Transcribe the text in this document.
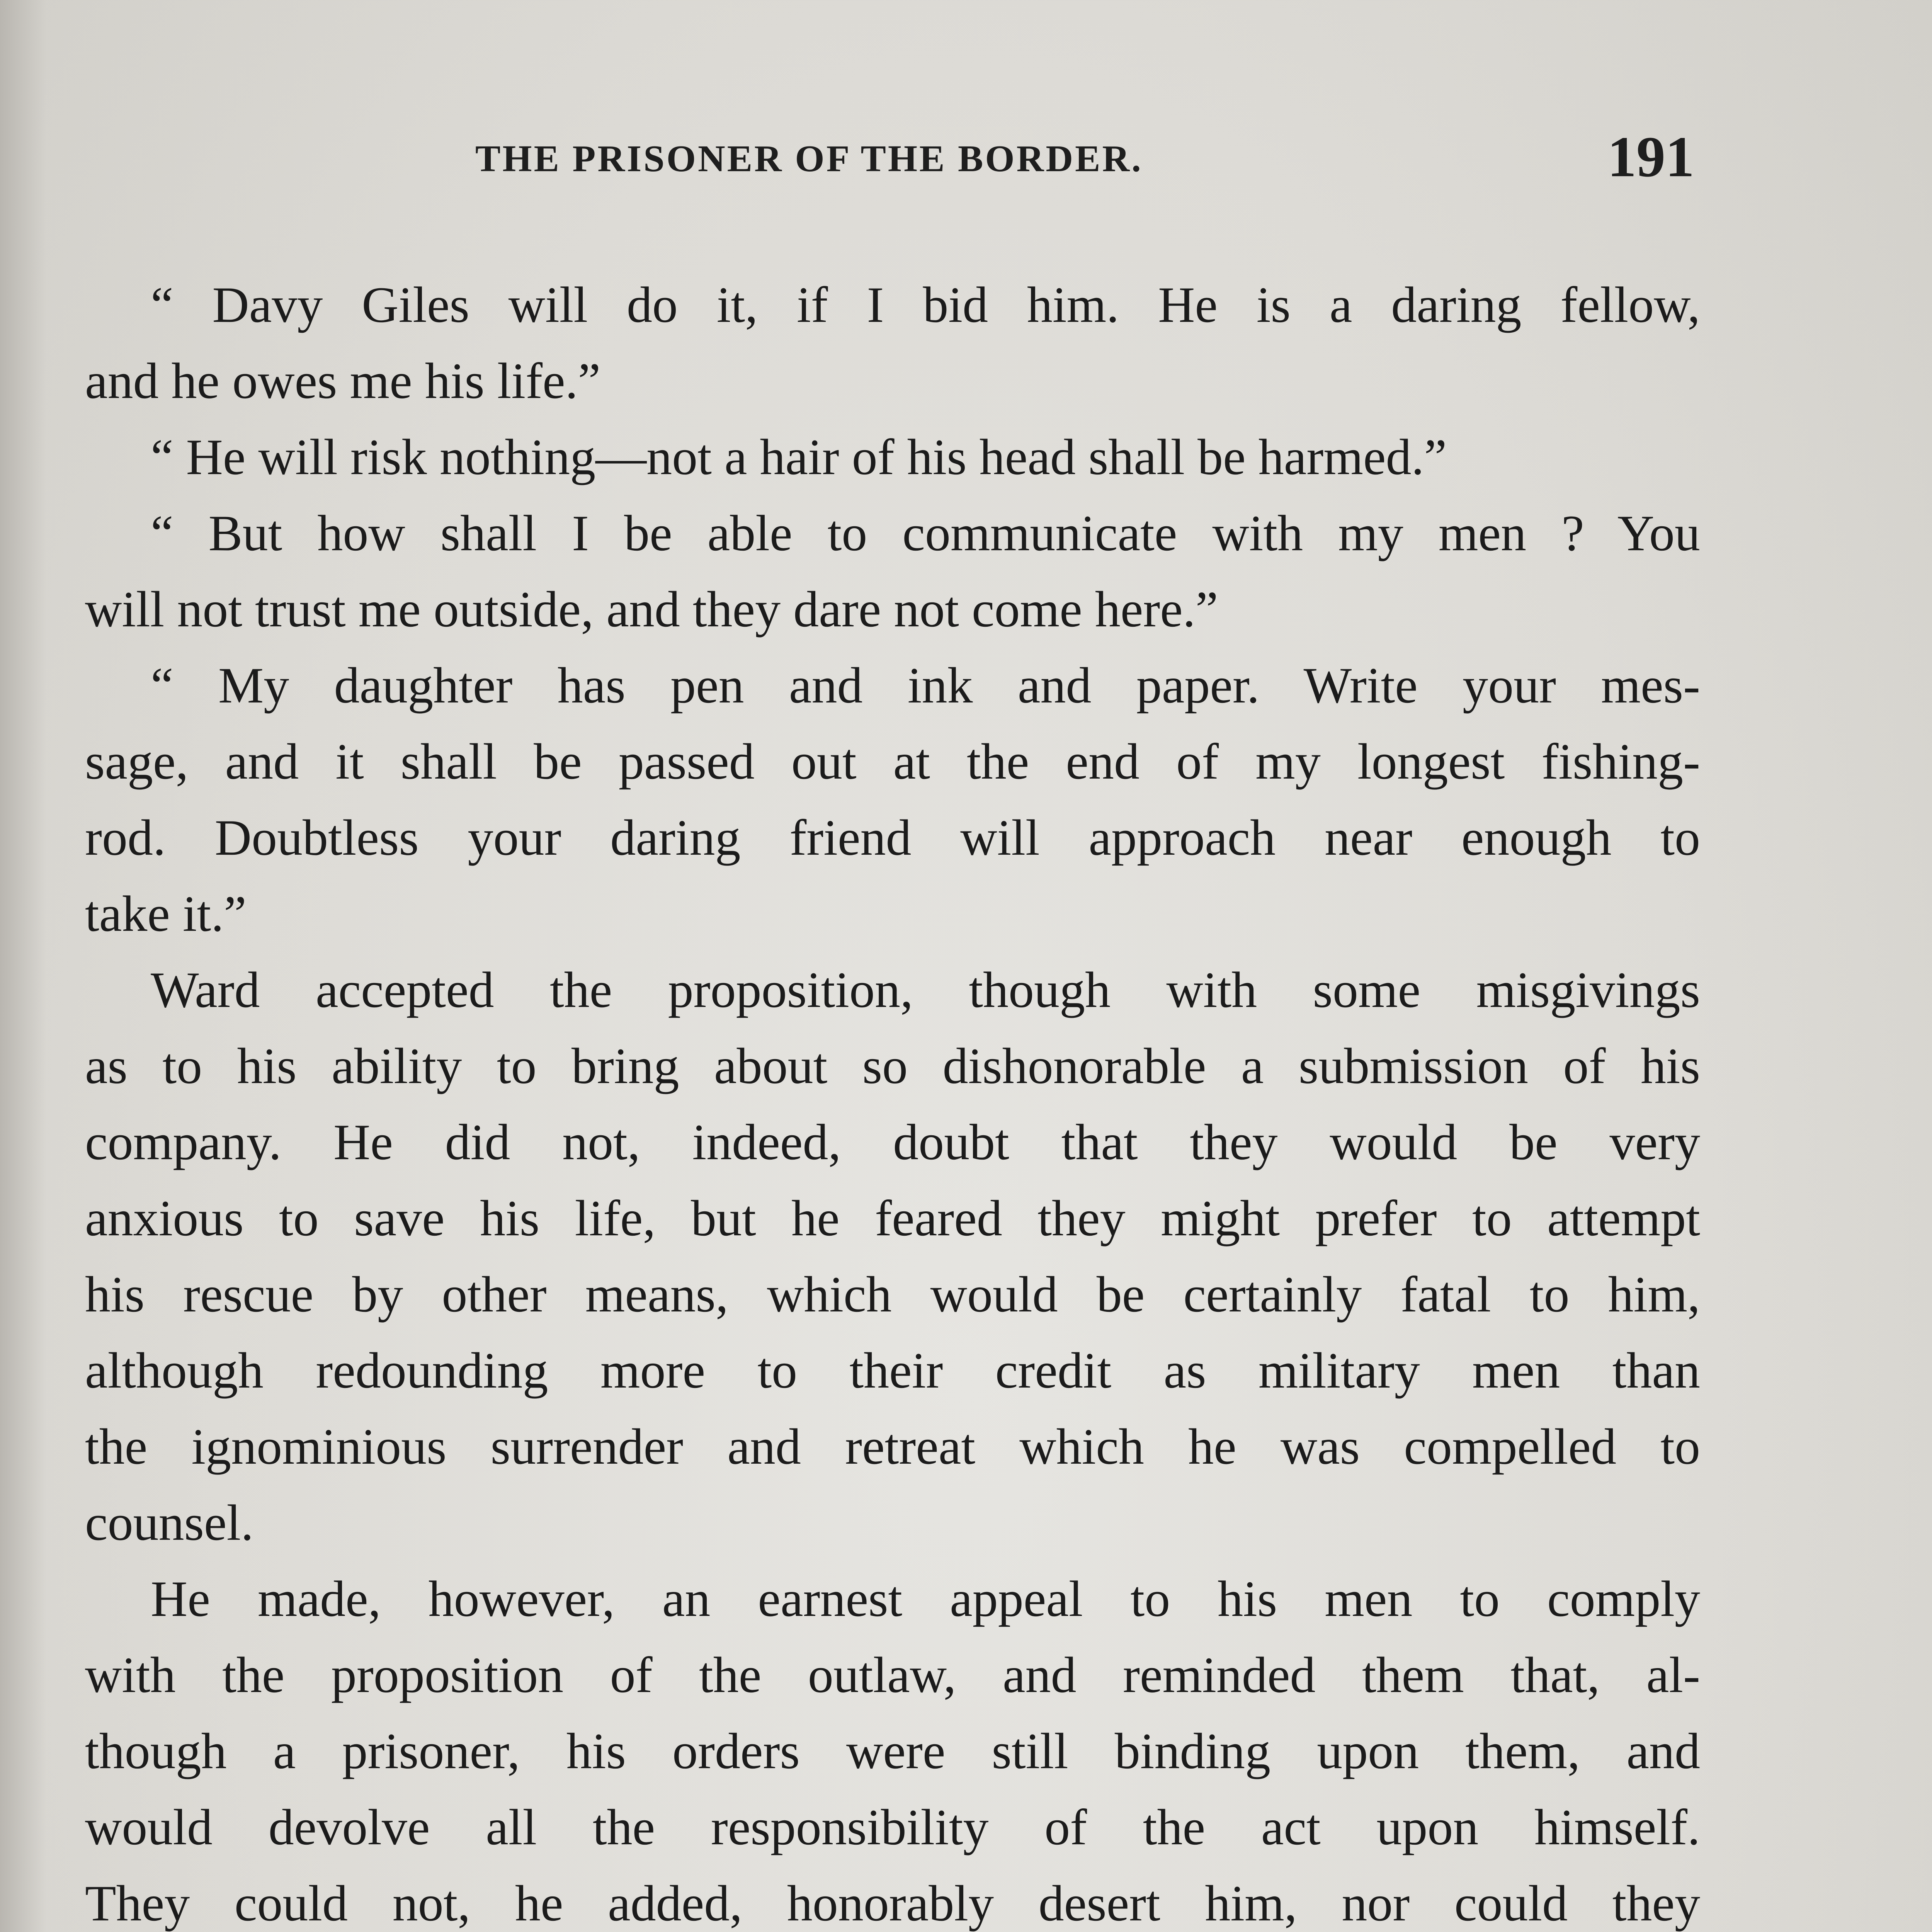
THE PRISONER OF THE BORDER.	191
“ Davy Giles will do it, if I bid him. He is a daring fellow,
and he owes me his life.”
“ He will risk nothing—not a hair of his head shall be harmed.”
“ But how shall I be able to communicate with my men ? You
will not trust me outside, and they dare not come here.”
“ My daughter has pen and ink and paper. Write your mes-
sage, and it shall be passed out at the end of my longest fishing-
rod. Doubtless your daring friend will approach near enough to
take it.”
Ward accepted the proposition, though with some misgivings
as to his ability to bring about so dishonorable a submission of his
company. He did not, indeed, doubt that they would be very
anxious to save his life, but he feared they might prefer to attempt
his rescue by other means, which would be certainly fatal to him,
although redounding more to their credit as military men than
the ignominious surrender and retreat which he was compelled to
counsel.
He made, however, an earnest appeal to his men to comply
with the proposition of the outlaw, and reminded them that, al-
though a prisoner, his orders were still binding upon them, and
would devolve all the responsibility of the act upon himself.
They could not, he added, honorably desert him, nor could they
